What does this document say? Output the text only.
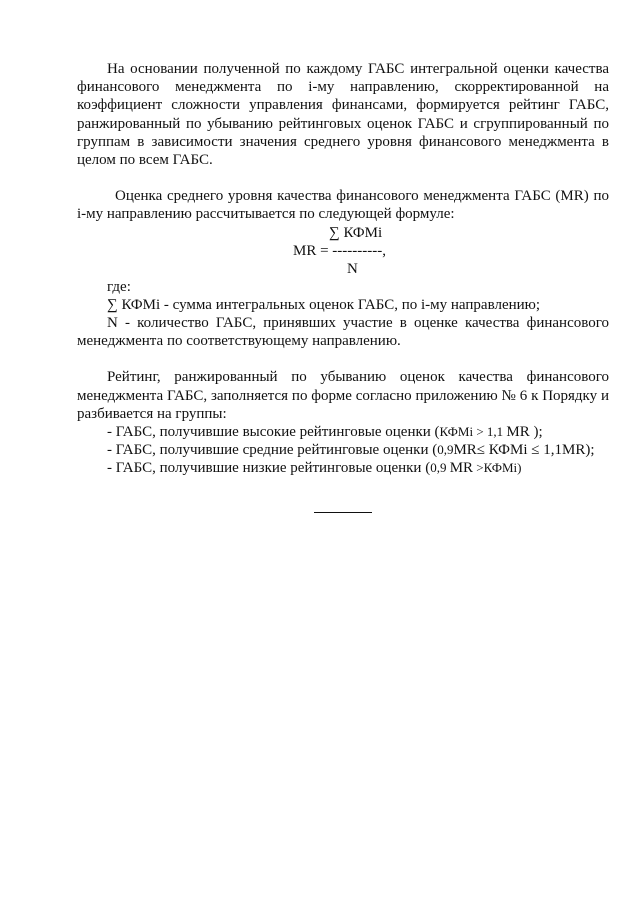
На основании полученной по каждому ГАБС интегральной оценки качества финансового менеджмента по i-му направлению, скорректированной на коэффициент сложности управления финансами, формируется рейтинг ГАБС, ранжированный по убыванию рейтинговых оценок ГАБС и сгруппированный по группам в зависимости значения среднего уровня финансового менеджмента в целом по всем ГАБС.

Оценка среднего уровня качества финансового менеджмента ГАБС (MR) по i-му направлению рассчитывается по следующей формуле:

∑ КФМi
MR = ----------,
N

где:

∑ КФМi - сумма интегральных оценок ГАБС, по i-му направлению;

N - количество ГАБС, принявших участие в оценке качества финансового менеджмента по соответствующему направлению.

Рейтинг, ранжированный по убыванию оценок качества финансового менеджмента ГАБС, заполняется по форме согласно приложению № 6 к Порядку и разбивается на группы:

- ГАБС, получившие высокие рейтинговые оценки (КФМi > 1,1 MR );

- ГАБС, получившие средние рейтинговые оценки (0,9MR≤ КФМi ≤ 1,1MR);

- ГАБС, получившие низкие рейтинговые оценки (0,9 MR >КФМi)
